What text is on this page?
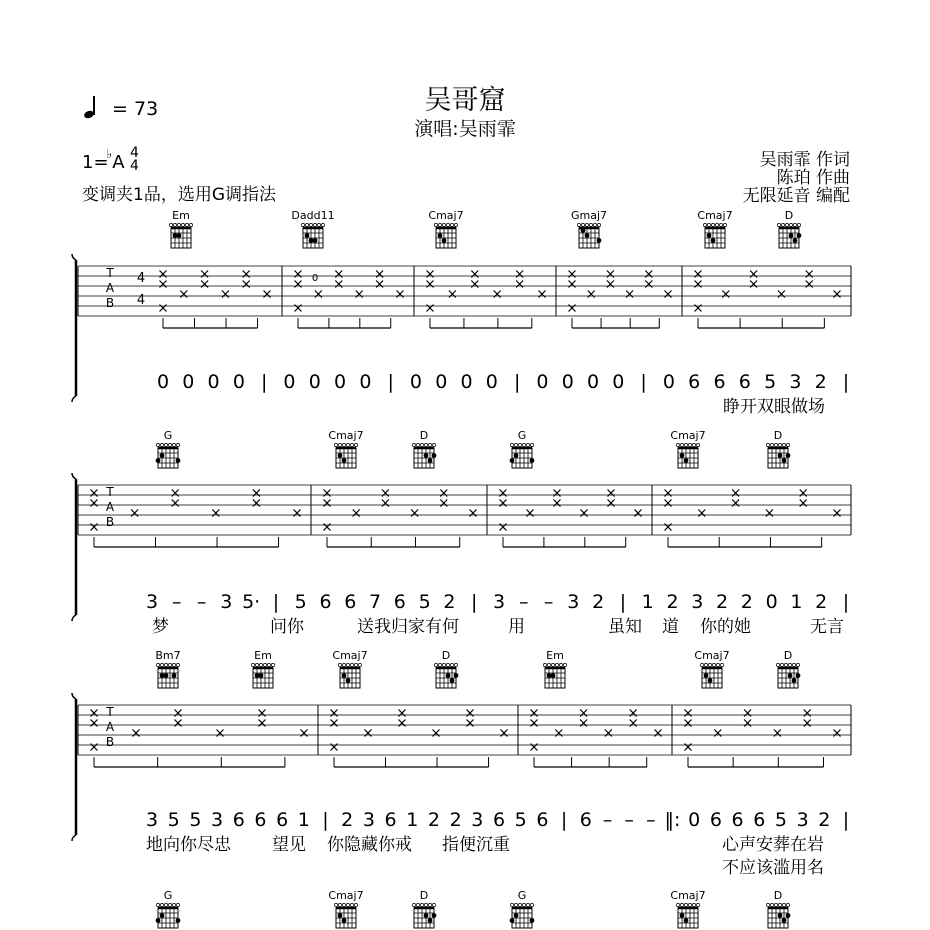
吴哥窟
演唱:吴雨霏
= 73
1=♭A 4
4
变调夹1品，选用G调指法
吴雨霏 作词
陈珀 作曲
无限延音 编配
Em	Dadd11	Cmaj7	Gmaj7	Cmaj7	D
G	Cmaj7	D	G	Cmaj7	D
Bm7	Em	Cmaj7	D	Em	Cmaj7	D
G	Cmaj7	D	G	Cmaj7	D
T
A
B
4
4
0
T
A
B
T
A
B
0 0 0 0 | 0 0 0 0 | 0 0 0 0 | 0 0 0 0 | 0 6 6 6 5 3 2 |
睁开双眼做场
3 – – 3 5· | 5 6 6 7 6 5 2 | 3 – – 3 2 | 1 2 3 2 2 0 1 2 |
梦	问你	送我归家有何	用	虽知 道 你的她	无言
3 5 5 3 6 6 6 1 | 2 3 6 1 2 2 3 6 5 6 | 6 – – – ‖: 0 6 6 6 5 3 2 |
地向你尽忠 望见 你隐藏你戒 指便沉重	心声安葬在岩
不应该滥用名
